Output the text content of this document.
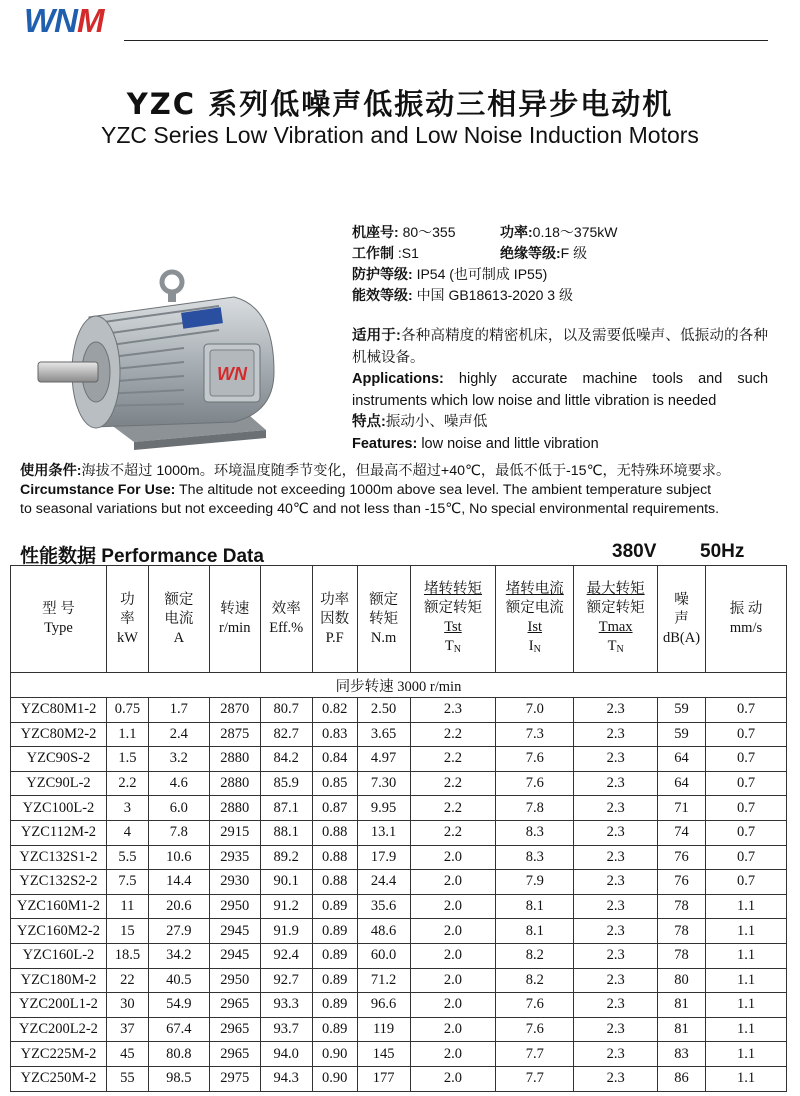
WNM
YZC 系列低噪声低振动三相异步电动机
YZC Series Low Vibration and Low Noise Induction Motors
WN
机座号: 80～355	功率:0.18～375kW
工作制 :S1	绝缘等级:F 级
防护等级: IP54 (也可制成 IP55)
能效等级: 中国 GB18613-2020 3 级

适用于:各种高精度的精密机床，以及需要低噪声、低振动的各种机械设备。

Applications: highly accurate machine tools and such instruments which low noise and little vibration is needed

特点:振动小、噪声低

Features: low noise and little vibration

使用条件:海拔不超过 1000m。环境温度随季节变化，但最高不超过+40℃，最低不低于-15℃，无特殊环境要求。

Circumstance For Use: The altitude not exceeding 1000m above sea level. The ambient temperature subject

to seasonal variations but not exceeding 40℃ and not less than -15℃, No special environmental requirements.

性能数据 Performance Data	380V 50Hz
型 号
Type	功
率
kW	额定
电流
A	转速
r/min	效率
Eff.%	功率
因数
P.F	额定
转矩
N.m	堵转转矩
额定转矩
Tst
$T_N$	堵转电流
额定电流
Ist
$I_N$	最大转矩
额定转矩
Tmax
$T_N$	噪
声
dB(A)	振 动
mm/s
同步转速 3000 r/min											
YZC80M1-2	0.75	1.7	2870	80.7	0.82	2.50	2.3	7.0	2.3	59	0.7
YZC80M2-2	1.1	2.4	2875	82.7	0.83	3.65	2.2	7.3	2.3	59	0.7
YZC90S-2	1.5	3.2	2880	84.2	0.84	4.97	2.2	7.6	2.3	64	0.7
YZC90L-2	2.2	4.6	2880	85.9	0.85	7.30	2.2	7.6	2.3	64	0.7
YZC100L-2	3	6.0	2880	87.1	0.87	9.95	2.2	7.8	2.3	71	0.7
YZC112M-2	4	7.8	2915	88.1	0.88	13.1	2.2	8.3	2.3	74	0.7
YZC132S1-2	5.5	10.6	2935	89.2	0.88	17.9	2.0	8.3	2.3	76	0.7
YZC132S2-2	7.5	14.4	2930	90.1	0.88	24.4	2.0	7.9	2.3	76	0.7
YZC160M1-2	11	20.6	2950	91.2	0.89	35.6	2.0	8.1	2.3	78	1.1
YZC160M2-2	15	27.9	2945	91.9	0.89	48.6	2.0	8.1	2.3	78	1.1
YZC160L-2	18.5	34.2	2945	92.4	0.89	60.0	2.0	8.2	2.3	78	1.1
YZC180M-2	22	40.5	2950	92.7	0.89	71.2	2.0	8.2	2.3	80	1.1
YZC200L1-2	30	54.9	2965	93.3	0.89	96.6	2.0	7.6	2.3	81	1.1
YZC200L2-2	37	67.4	2965	93.7	0.89	119	2.0	7.6	2.3	81	1.1
YZC225M-2	45	80.8	2965	94.0	0.90	145	2.0	7.7	2.3	83	1.1
YZC250M-2	55	98.5	2975	94.3	0.90	177	2.0	7.7	2.3	86	1.1
